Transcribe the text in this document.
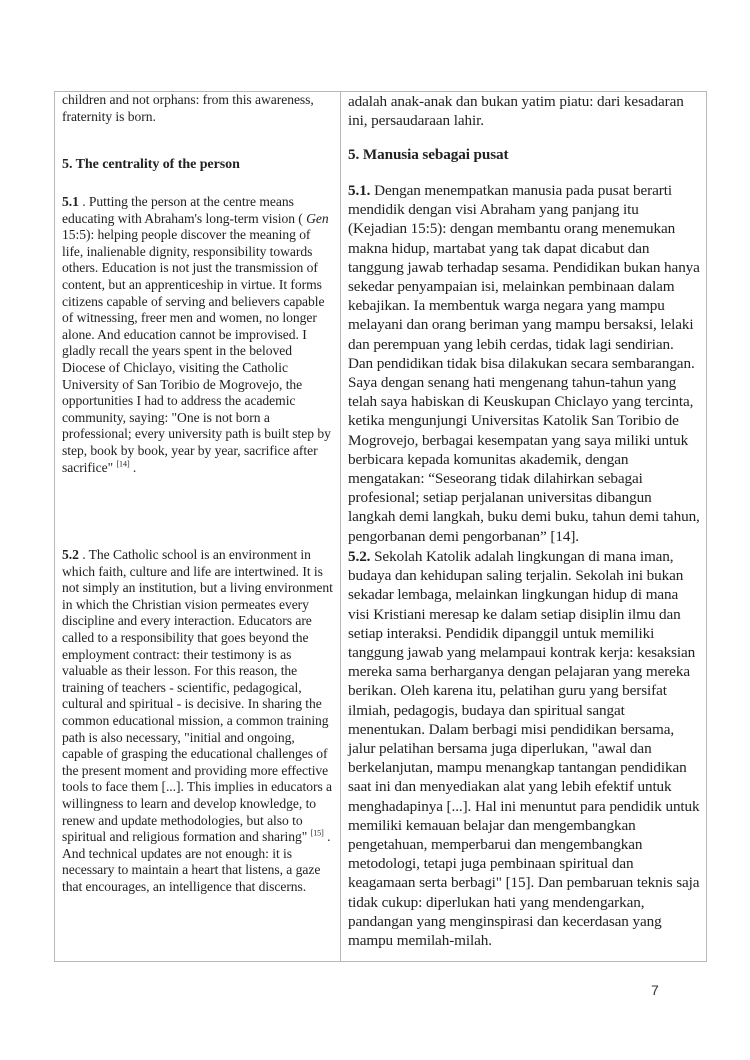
children and not orphans: from this awareness, fraternity is born.
5. The centrality of the person
5.1 . Putting the person at the centre means educating with Abraham's long-term vision ( Gen 15:5): helping people discover the meaning of life, inalienable dignity, responsibility towards others. Education is not just the transmission of content, but an apprenticeship in virtue. It forms citizens capable of serving and believers capable of witnessing, freer men and women, no longer alone. And education cannot be improvised. I gladly recall the years spent in the beloved Diocese of Chiclayo, visiting the Catholic University of San Toribio de Mogrovejo, the opportunities I had to address the academic community, saying: "One is not born a professional; every university path is built step by step, book by book, year by year, sacrifice after sacrifice" [14] .
5.2 . The Catholic school is an environment in which faith, culture and life are intertwined. It is not simply an institution, but a living environment in which the Christian vision permeates every discipline and every interaction. Educators are called to a responsibility that goes beyond the employment contract: their testimony is as valuable as their lesson. For this reason, the training of teachers - scientific, pedagogical, cultural and spiritual - is decisive. In sharing the common educational mission, a common training path is also necessary, "initial and ongoing, capable of grasping the educational challenges of the present moment and providing more effective tools to face them [...]. This implies in educators a willingness to learn and develop knowledge, to renew and update methodologies, but also to spiritual and religious formation and sharing" [15] . And technical updates are not enough: it is necessary to maintain a heart that listens, a gaze that encourages, an intelligence that discerns.
adalah anak-anak dan bukan yatim piatu: dari kesadaran ini, persaudaraan lahir.
5. Manusia sebagai pusat
5.1. Dengan menempatkan manusia pada pusat berarti mendidik dengan visi Abraham yang panjang itu (Kejadian 15:5): dengan membantu orang menemukan makna hidup, martabat yang tak dapat dicabut dan tanggung jawab terhadap sesama. Pendidikan bukan hanya sekedar penyampaian isi, melainkan pembinaan dalam kebajikan. Ia membentuk warga negara yang mampu melayani dan orang beriman yang mampu bersaksi, lelaki dan perempuan yang lebih cerdas, tidak lagi sendirian. Dan pendidikan tidak bisa dilakukan secara sembarangan. Saya dengan senang hati mengenang tahun-tahun yang telah saya habiskan di Keuskupan Chiclayo yang tercinta, ketika mengunjungi Universitas Katolik San Toribio de Mogrovejo, berbagai kesempatan yang saya miliki untuk berbicara kepada komunitas akademik, dengan mengatakan: “Seseorang tidak dilahirkan sebagai profesional; setiap perjalanan universitas dibangun langkah demi langkah, buku demi buku, tahun demi tahun, pengorbanan demi pengorbanan” [14].
5.2. Sekolah Katolik adalah lingkungan di mana iman, budaya dan kehidupan saling terjalin. Sekolah ini bukan sekadar lembaga, melainkan lingkungan hidup di mana visi Kristiani meresap ke dalam setiap disiplin ilmu dan setiap interaksi. Pendidik dipanggil untuk memiliki tanggung jawab yang melampaui kontrak kerja: kesaksian mereka sama berharganya dengan pelajaran yang mereka berikan. Oleh karena itu, pelatihan guru yang bersifat ilmiah, pedagogis, budaya dan spiritual sangat menentukan. Dalam berbagi misi pendidikan bersama, jalur pelatihan bersama juga diperlukan, "awal dan berkelanjutan, mampu menangkap tantangan pendidikan saat ini dan menyediakan alat yang lebih efektif untuk menghadapinya [...]. Hal ini menuntut para pendidik untuk memiliki kemauan belajar dan mengembangkan pengetahuan, memperbarui dan mengembangkan metodologi, tetapi juga pembinaan spiritual dan keagamaan serta berbagi" [15]. Dan pembaruan teknis saja tidak cukup: diperlukan hati yang mendengarkan, pandangan yang menginspirasi dan kecerdasan yang mampu memilah-milah.
7
